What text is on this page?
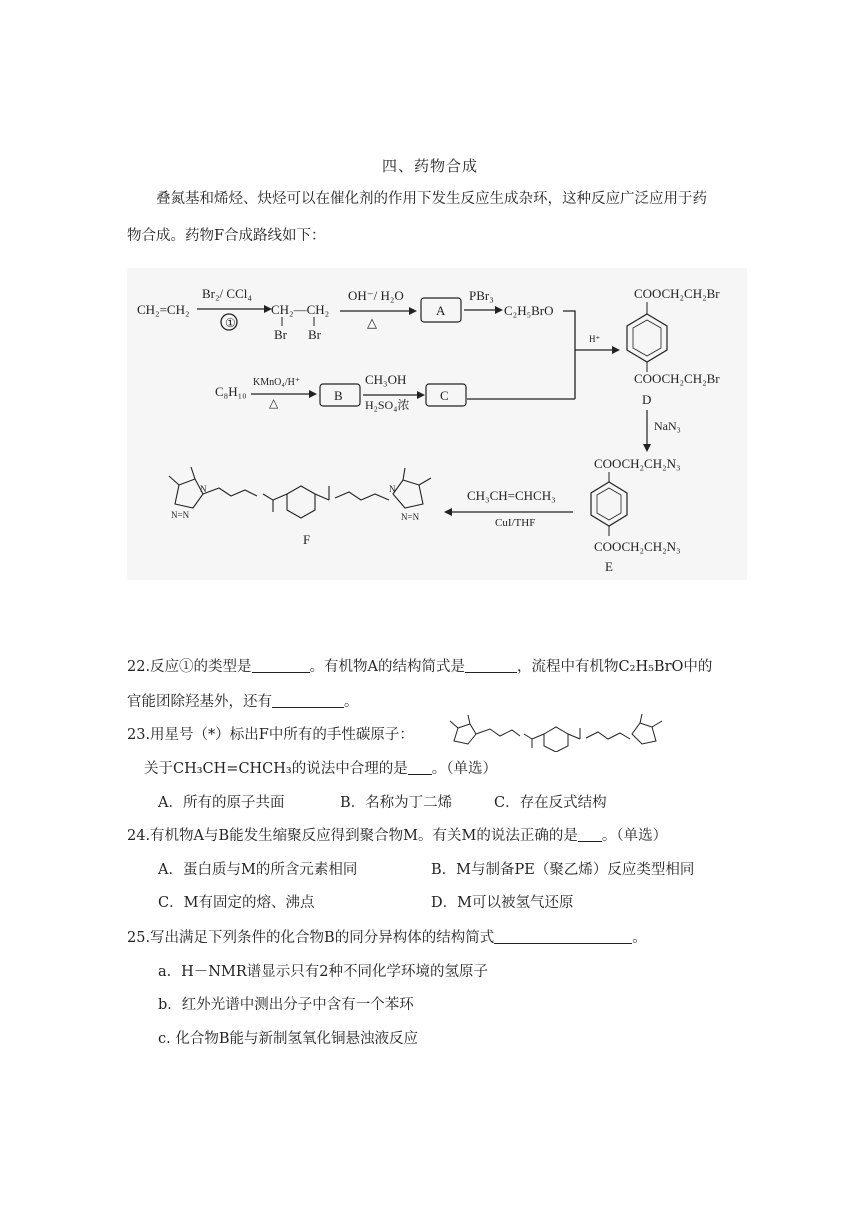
四、药物合成
叠氮基和烯烃、炔烃可以在催化剂的作用下发生反应生成杂环，这种反应广泛应用于药
物合成。药物F合成路线如下：
CH₂=CH₂
Br₂/ CCl₄
①
CH₂—CH₂
Br Br
OH⁻/ H₂O
△
A
PBr₃
C₂H₅BrO
H⁺
COOCH₂CH₂Br
COOCH₂CH₂Br
D
C₈H₁₀
KMnO₄/H⁺
△	B
CH₃OH
H₂SO₄浓
C
NaN₃
COOCH₂CH₂N₃
COOCH₂CH₂N₃
E
CH₃CH=CHCH₃
CuI/THF
N=N
N
N=N
N
F
22.反应①的类型是	。有机物A的结构简式是	，流程中有机物C₂H₅BrO中的
官能团除羟基外，还有	。
23.用星号（*）标出F中所有的手性碳原子：
关于CH₃CH=CHCH₃的说法中合理的是 。（单选）
A．所有的原子共面	B．名称为丁二烯	C．存在反式结构
24.有机物A与B能发生缩聚反应得到聚合物M。有关M的说法正确的是 。（单选）
A．蛋白质与M的所含元素相同	B．M与制备PE（聚乙烯）反应类型相同
C．M有固定的熔、沸点	D．M可以被氢气还原
25.写出满足下列条件的化合物B的同分异构体的结构简式	。
a．H－NMR谱显示只有2种不同化学环境的氢原子
b．红外光谱中测出分子中含有一个苯环
c. 化合物B能与新制氢氧化铜悬浊液反应
